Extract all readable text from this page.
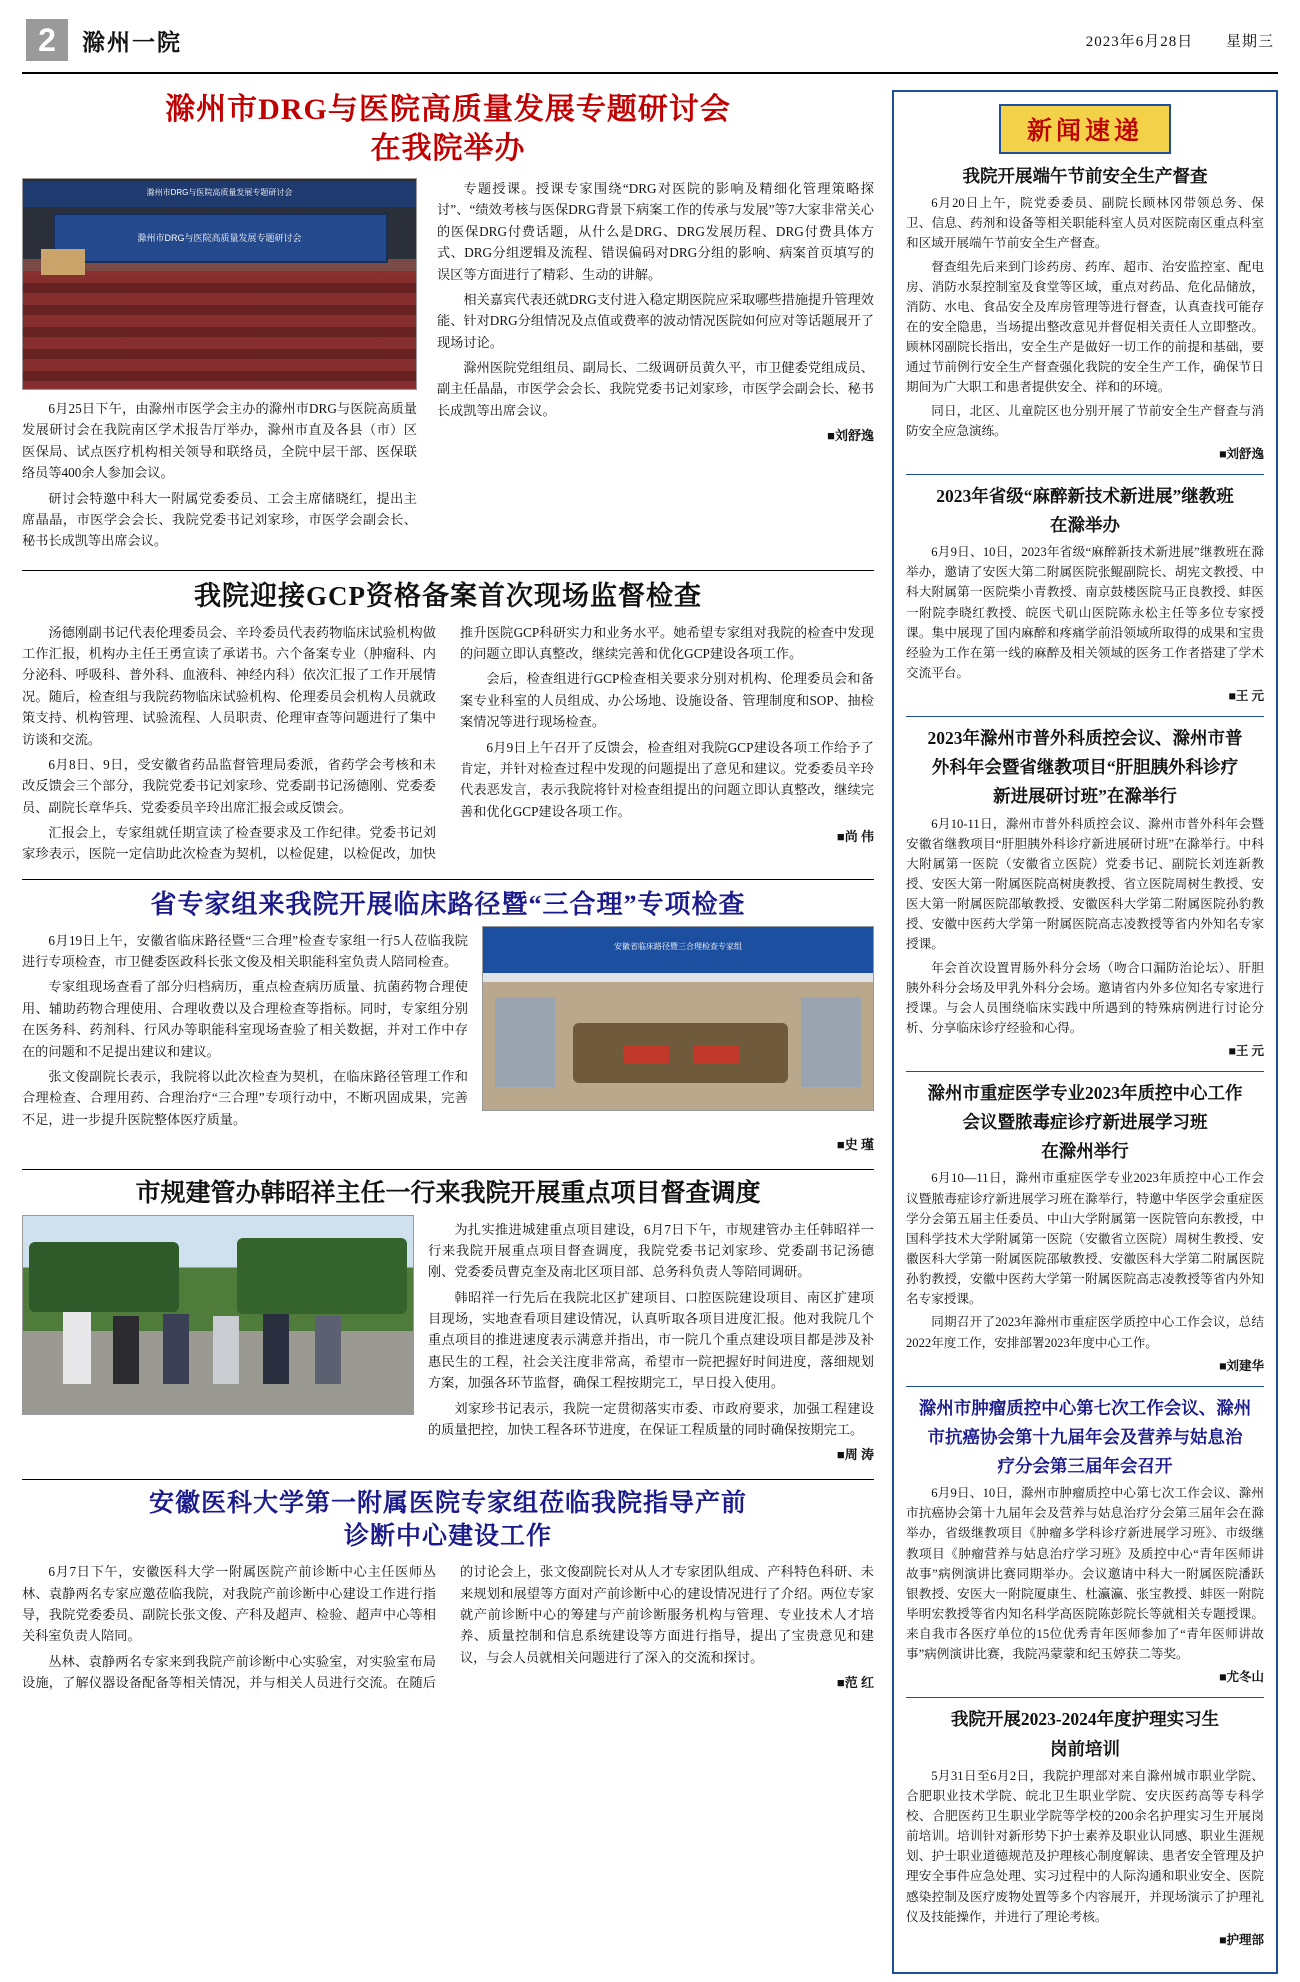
2	滁州一院	2023年6月28日 星期三
滁州市DRG与医院高质量发展专题研讨会
在我院举办
滁州市DRG与医院高质量发展专题研讨会
滁州市DRG与医院高质量发展专题研讨会

6月25日下午，由滁州市医学会主办的滁州市DRG与医院高质量发展研讨会在我院南区学术报告厅举办，滁州市直及各县（市）区医保局、试点医疗机构相关领导和联络员，全院中层干部、医保联络员等400余人参加会议。

研讨会特邀中科大一附属党委委员、工会主席储晓红，提出主席晶晶，市医学会会长、我院党委书记刘家珍，市医学会副会长、秘书长成凯等出席会议。

专题授课。授课专家围绕“DRG对医院的影响及精细化管理策略探讨”、“绩效考核与医保DRG背景下病案工作的传承与发展”等7大家非常关心的医保DRG付费话题，从什么是DRG、DRG发展历程、DRG付费具体方式、DRG分组逻辑及流程、错误偏码对DRG分组的影响、病案首页填写的误区等方面进行了精彩、生动的讲解。

相关嘉宾代表还就DRG支付进入稳定期医院应采取哪些措施提升管理效能、针对DRG分组情况及点值或费率的波动情况医院如何应对等话题展开了现场讨论。

滁州医院党组组员、副局长、二级调研员黄久平，市卫健委党组成员、副主任晶晶，市医学会会长、我院党委书记刘家珍，市医学会副会长、秘书长成凯等出席会议。

■刘舒逸
我院迎接GCP资格备案首次现场监督检查

汤德刚副书记代表伦理委员会、辛玲委员代表药物临床试验机构做工作汇报，机构办主任王勇宣读了承诺书。六个备案专业（肿瘤科、内分泌科、呼吸科、普外科、血液科、神经内科）依次汇报了工作开展情况。随后，检查组与我院药物临床试验机构、伦理委员会机构人员就政策支持、机构管理、试验流程、人员职责、伦理审查等问题进行了集中访谈和交流。

6月8日、9日，受安徽省药品监督管理局委派，省药学会考核和未改反馈会三个部分，我院党委书记刘家珍、党委副书记汤德刚、党委委员、副院长章华兵、党委委员辛玲出席汇报会或反馈会。

汇报会上，专家组就任期宣读了检查要求及工作纪律。党委书记刘家珍表示，医院一定信助此次检查为契机，以检促建，以检促改，加快推升医院GCP科研实力和业务水平。她希望专家组对我院的检查中发现的问题立即认真整改，继续完善和优化GCP建设各项工作。

会后，检查组进行GCP检查相关要求分别对机构、伦理委员会和备案专业科室的人员组成、办公场地、设施设备、管理制度和SOP、抽检案情况等进行现场检查。

6月9日上午召开了反馈会，检查组对我院GCP建设各项工作给予了肯定，并针对检查过程中发现的问题提出了意见和建议。党委委员辛玲代表恶发言，表示我院将针对检查组提出的问题立即认真整改，继续完善和优化GCP建设各项工作。

■尚 伟
省专家组来我院开展临床路径暨“三合理”专项检查
安徽省临床路径暨三合理检查专家组

6月19日上午，安徽省临床路径暨“三合理”检查专家组一行5人莅临我院进行专项检查，市卫健委医政科长张文俊及相关职能科室负责人陪同检查。

专家组现场查看了部分归档病历，重点检查病历质量、抗菌药物合理使用、辅助药物合理使用、合理收费以及合理检查等指标。同时，专家组分别在医务科、药剂科、行风办等职能科室现场查验了相关数据，并对工作中存在的问题和不足提出建议和建议。

张文俊副院长表示，我院将以此次检查为契机，在临床路径管理工作和合理检查、合理用药、合理治疗“三合理”专项行动中，不断巩固成果，完善不足，进一步提升医院整体医疗质量。

■史 瑾
市规建管办韩昭祥主任一行来我院开展重点项目督查调度

为扎实推进城建重点项目建设，6月7日下午，市规建管办主任韩昭祥一行来我院开展重点项目督查调度，我院党委书记刘家珍、党委副书记汤德刚、党委委员曹克奎及南北区项目部、总务科负责人等陪同调研。

韩昭祥一行先后在我院北区扩建项目、口腔医院建设项目、南区扩建项目现场，实地查看项目建设情况，认真听取各项目进度汇报。他对我院几个重点项目的推进速度表示满意并指出，市一院几个重点建设项目都是涉及补惠民生的工程，社会关注度非常高，希望市一院把握好时间进度，落细规划方案，加强各环节监督，确保工程按期完工，早日投入使用。

刘家珍书记表示，我院一定贯彻落实市委、市政府要求，加强工程建设的质量把控，加快工程各环节进度，在保证工程质量的同时确保按期完工。

■周 涛
安徽医科大学第一附属医院专家组莅临我院指导产前
诊断中心建设工作

6月7日下午，安徽医科大学一附属医院产前诊断中心主任医师丛林、袁静两名专家应邀莅临我院，对我院产前诊断中心建设工作进行指导，我院党委委员、副院长张文俊、产科及超声、检验、超声中心等相关科室负责人陪同。

丛林、袁静两名专家来到我院产前诊断中心实验室，对实验室布局设施，了解仪器设备配备等相关情况，并与相关人员进行交流。在随后的讨论会上，张文俊副院长对从人才专家团队组成、产科特色科研、未来规划和展望等方面对产前诊断中心的建设情况进行了介绍。两位专家就产前诊断中心的筹建与产前诊断服务机构与管理、专业技术人才培养、质量控制和信息系统建设等方面进行指导，提出了宝贵意见和建议，与会人员就相关问题进行了深入的交流和探讨。

■范 红
新闻速递
我院开展端午节前安全生产督查

6月20日上午，院党委委员、副院长顾林冈带领总务、保卫、信息、药剂和设备等相关职能科室人员对医院南区重点科室和区域开展端午节前安全生产督查。

督查组先后来到门诊药房、药库、超市、治安监控室、配电房、消防水泵控制室及食堂等区域，重点对药品、危化品储放，消防、水电、食品安全及库房管理等进行督查，认真查找可能存在的安全隐患，当场提出整改意见并督促相关责任人立即整改。顾林冈副院长指出，安全生产是做好一切工作的前提和基础，要通过节前例行安全生产督查强化我院的安全生产工作，确保节日期间为广大职工和患者提供安全、祥和的环境。

同日，北区、儿童院区也分别开展了节前安全生产督查与消防安全应急演练。

■刘舒逸
2023年省级“麻醉新技术新进展”继教班
在滁举办

6月9日、10日，2023年省级“麻醉新技术新进展”继教班在滁举办，邀请了安医大第二附属医院张鲲副院长、胡宪文教授、中科大附属第一医院柴小青教授、南京鼓楼医院马正良教授、蚌医一附院李晓红教授、皖医弋矶山医院陈永松主任等多位专家授课。集中展现了国内麻醉和疼痛学前沿领域所取得的成果和宝贵经验为工作在第一线的麻醉及相关领域的医务工作者搭建了学术交流平台。

■王 元
2023年滁州市普外科质控会议、滁州市普
外科年会暨省继教项目“肝胆胰外科诊疗
新进展研讨班”在滁举行

6月10-11日，滁州市普外科质控会议、滁州市普外科年会暨安徽省继教项目“肝胆胰外科诊疗新进展研讨班”在滁举行。中科大附属第一医院（安徽省立医院）党委书记、副院长刘连新教授、安医大第一附属医院高树庚教授、省立医院周树生教授、安医大第一附属医院邵敏教授、安徽医科大学第二附属医院孙豹教授、安徽中医药大学第一附属医院高志凌教授等省内外知名专家授课。

年会首次设置胃肠外科分会场（吻合口漏防治论坛）、肝胆胰外科分会场及甲乳外科分会场。邀请省内外多位知名专家进行授课。与会人员围绕临床实践中所遇到的特殊病例进行讨论分析、分享临床诊疗经验和心得。

■王 元
滁州市重症医学专业2023年质控中心工作
会议暨脓毒症诊疗新进展学习班
在滁州举行

6月10—11日，滁州市重症医学专业2023年质控中心工作会议暨脓毒症诊疗新进展学习班在滁举行，特邀中华医学会重症医学分会第五届主任委员、中山大学附属第一医院管向东教授，中国科学技术大学附属第一医院（安徽省立医院）周树生教授、安徽医科大学第一附属医院邵敏教授、安徽医科大学第二附属医院孙豹教授，安徽中医药大学第一附属医院高志凌教授等省内外知名专家授课。

同期召开了2023年滁州市重症医学质控中心工作会议，总结2022年度工作，安排部署2023年度中心工作。

■刘建华
滁州市肿瘤质控中心第七次工作会议、滁州
市抗癌协会第十九届年会及营养与姑息治
疗分会第三届年会召开

6月9日、10日，滁州市肿瘤质控中心第七次工作会议、滁州市抗癌协会第十九届年会及营养与姑息治疗分会第三届年会在滁举办，省级继教项目《肿瘤多学科诊疗新进展学习班》、市级继教项目《肿瘤营养与姑息治疗学习班》及质控中心“青年医师讲故事”病例演讲比赛同期举办。会议邀请中科大一附属医院潘跃银教授、安医大一附院厦康生、杜瀛瀛、张宝教授、蚌医一附院毕明宏教授等省内知名科学高医院陈彭院长等就相关专题授课。来自我市各医疗单位的15位优秀青年医师参加了“青年医师讲故事”病例演讲比赛，我院冯蒙蒙和纪玉婷获二等奖。

■尤冬山
我院开展2023-2024年度护理实习生
岗前培训

5月31日至6月2日，我院护理部对来自滁州城市职业学院、合肥职业技术学院、皖北卫生职业学院、安庆医药高等专科学校、合肥医药卫生职业学院等学校的200余名护理实习生开展岗前培训。培训针对新形势下护士素养及职业认同感、职业生涯规划、护士职业道德规范及护理核心制度解读、患者安全管理及护理安全事件应急处理、实习过程中的人际沟通和职业安全、医院感染控制及医疗废物处置等多个内容展开，并现场演示了护理礼仪及技能操作，并进行了理论考核。

■护理部
